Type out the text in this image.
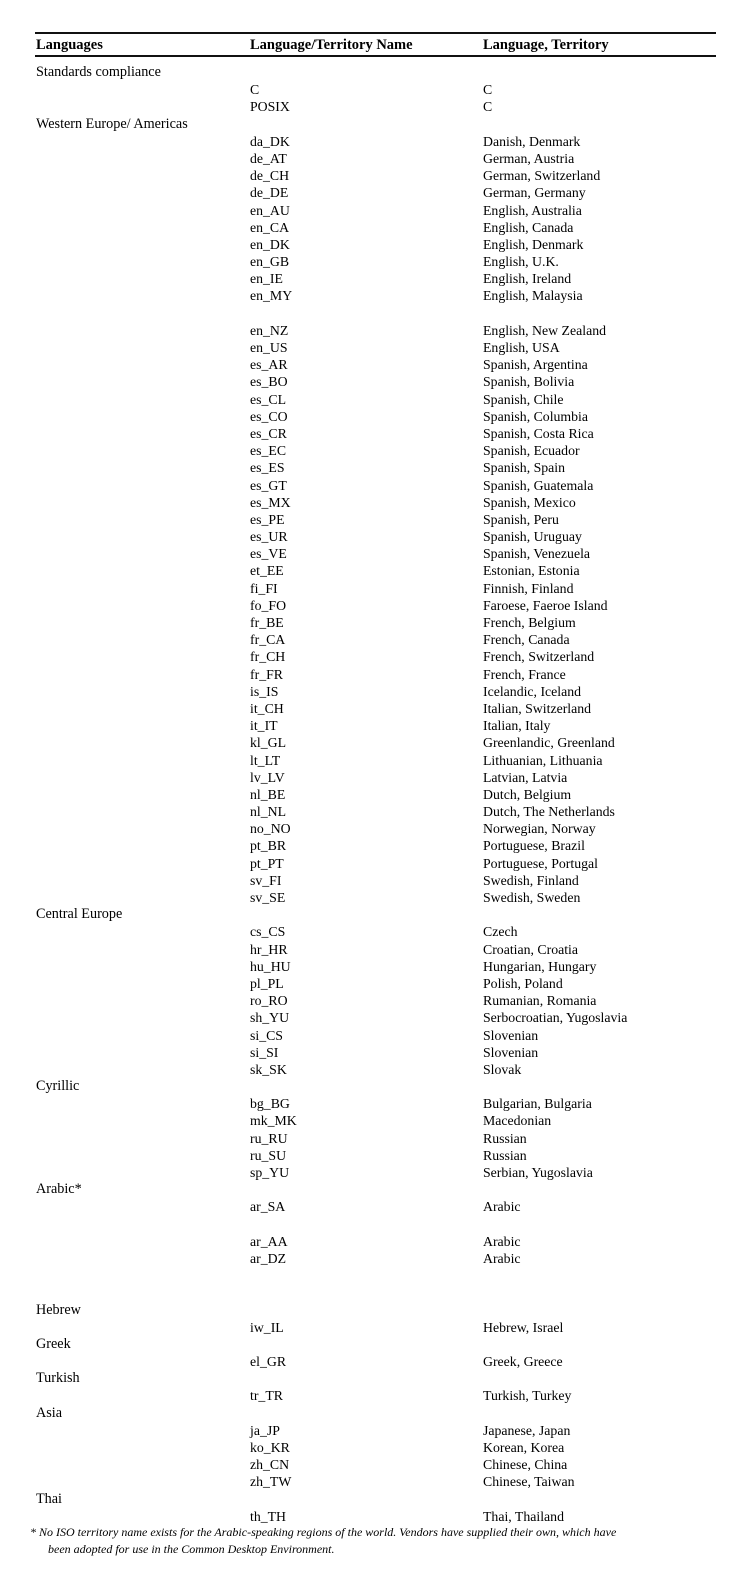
Languages	Language/Territory Name	Language, Territory
Standards compliance
C	C
POSIX	C
Western Europe/ Americas
da_DK	Danish, Denmark
de_AT	German, Austria
de_CH	German, Switzerland
de_DE	German, Germany
en_AU	English, Australia
en_CA	English, Canada
en_DK	English, Denmark
en_GB	English, U.K.
en_IE	English, Ireland
en_MY	English, Malaysia
en_NZ	English, New Zealand
en_US	English, USA
es_AR	Spanish, Argentina
es_BO	Spanish, Bolivia
es_CL	Spanish, Chile
es_CO	Spanish, Columbia
es_CR	Spanish, Costa Rica
es_EC	Spanish, Ecuador
es_ES	Spanish, Spain
es_GT	Spanish, Guatemala
es_MX	Spanish, Mexico
es_PE	Spanish, Peru
es_UR	Spanish, Uruguay
es_VE	Spanish, Venezuela
et_EE	Estonian, Estonia
fi_FI	Finnish, Finland
fo_FO	Faroese, Faeroe Island
fr_BE	French, Belgium
fr_CA	French, Canada
fr_CH	French, Switzerland
fr_FR	French, France
is_IS	Icelandic, Iceland
it_CH	Italian, Switzerland
it_IT	Italian, Italy
kl_GL	Greenlandic, Greenland
lt_LT	Lithuanian, Lithuania
lv_LV	Latvian, Latvia
nl_BE	Dutch, Belgium
nl_NL	Dutch, The Netherlands
no_NO	Norwegian, Norway
pt_BR	Portuguese, Brazil
pt_PT	Portuguese, Portugal
sv_FI	Swedish, Finland
sv_SE	Swedish, Sweden
Central Europe
cs_CS	Czech
hr_HR	Croatian, Croatia
hu_HU	Hungarian, Hungary
pl_PL	Polish, Poland
ro_RO	Rumanian, Romania
sh_YU	Serbocroatian, Yugoslavia
si_CS	Slovenian
si_SI	Slovenian
sk_SK	Slovak
Cyrillic
bg_BG	Bulgarian, Bulgaria
mk_MK	Macedonian
ru_RU	Russian
ru_SU	Russian
sp_YU	Serbian, Yugoslavia
Arabic*
ar_SA	Arabic
ar_AA	Arabic
ar_DZ	Arabic
Hebrew
iw_IL	Hebrew, Israel
Greek
el_GR	Greek, Greece
Turkish
tr_TR	Turkish, Turkey
Asia
ja_JP	Japanese, Japan
ko_KR	Korean, Korea
zh_CN	Chinese, China
zh_TW	Chinese, Taiwan
Thai
th_TH	Thai, Thailand
* No ISO territory name exists for the Arabic-speaking regions of the world. Vendors have supplied their own, which have
been adopted for use in the Common Desktop Environment.
